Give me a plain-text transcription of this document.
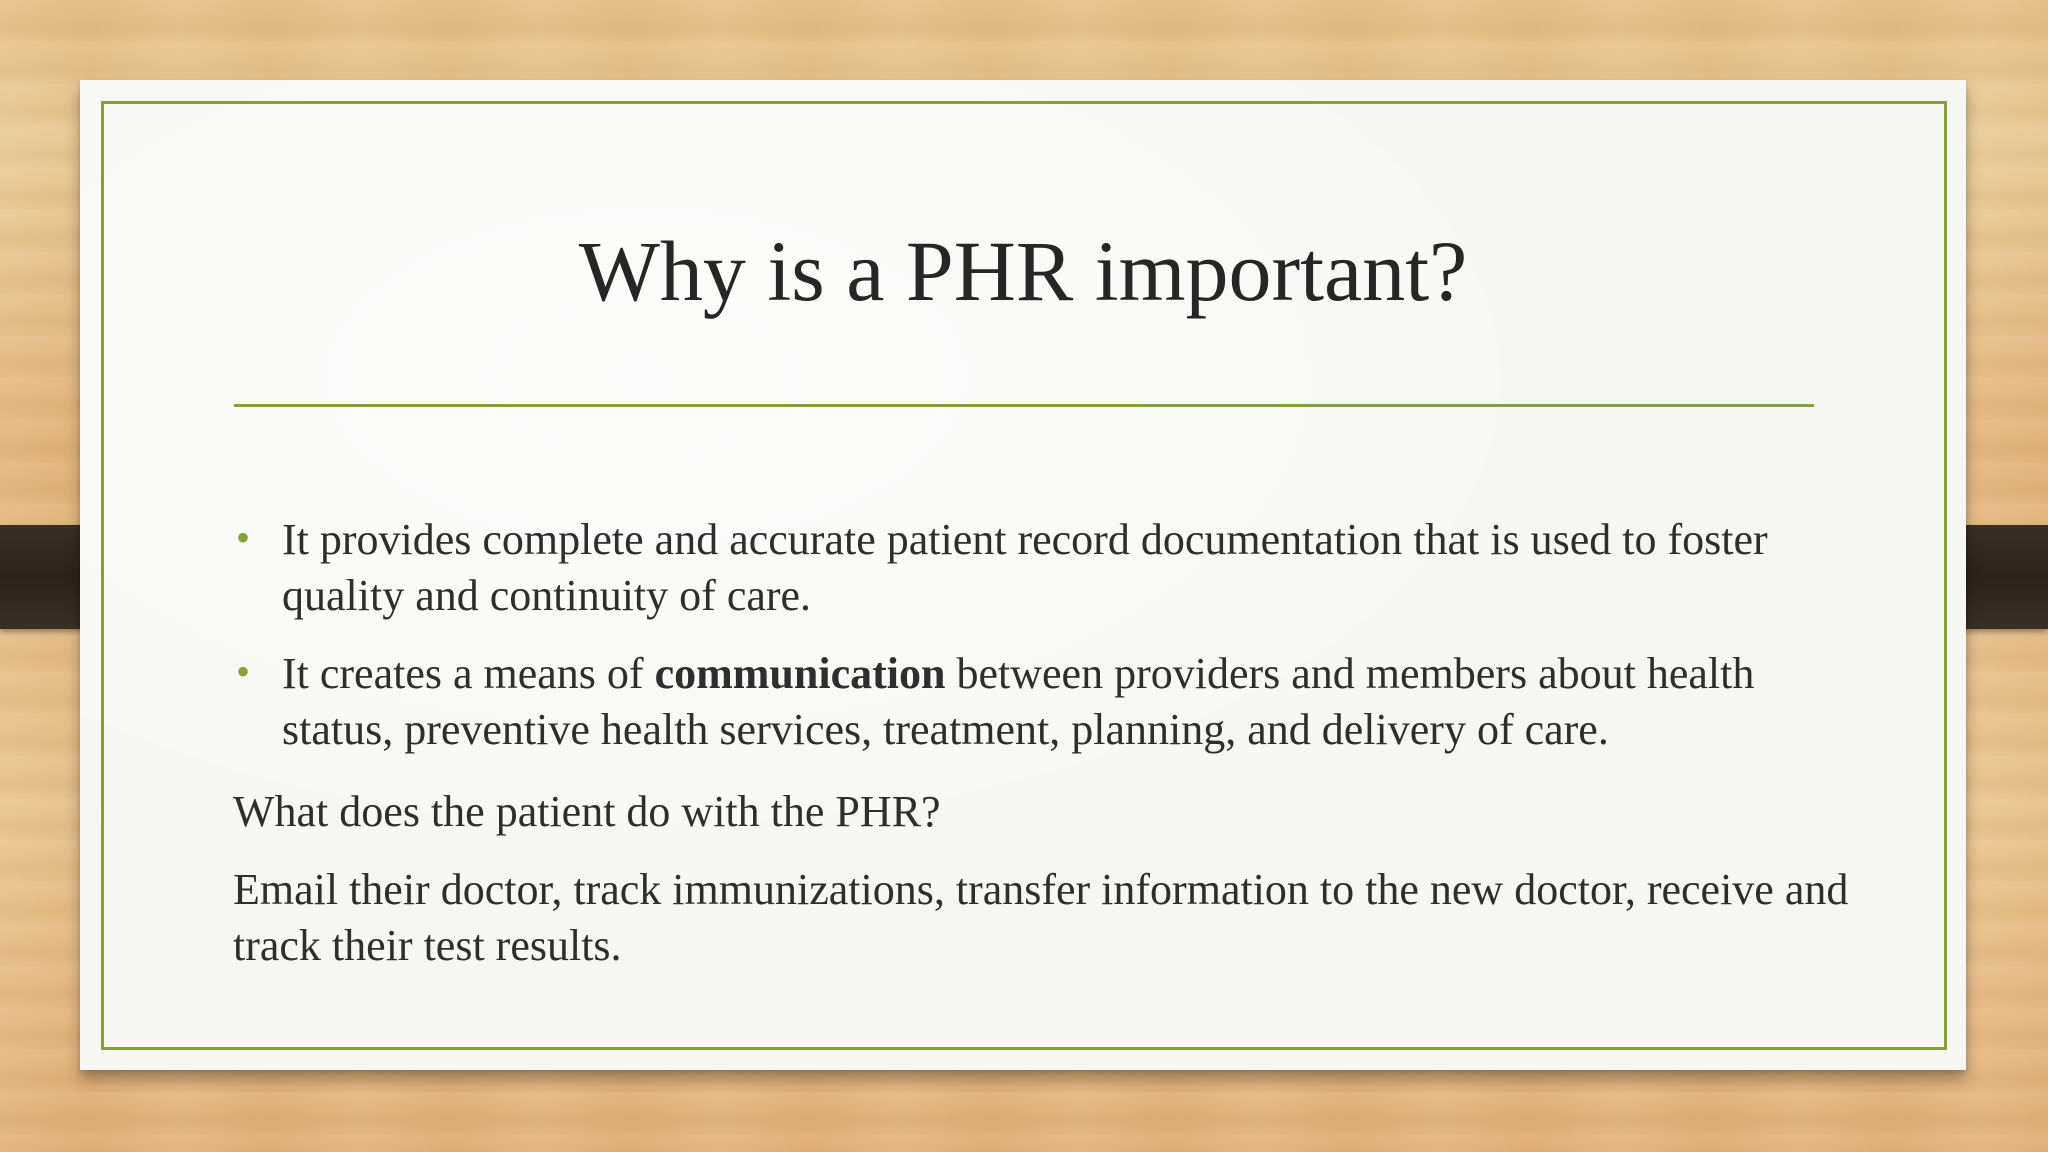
Why is a PHR important?
• It provides complete and accurate patient record documentation that is used to foster quality and continuity of care.
• It creates a means of communication between providers and members about health status, preventive health services, treatment, planning, and delivery of care.
What does the patient do with the PHR?
Email their doctor, track immunizations, transfer information to the new doctor, receive and track their test results.
